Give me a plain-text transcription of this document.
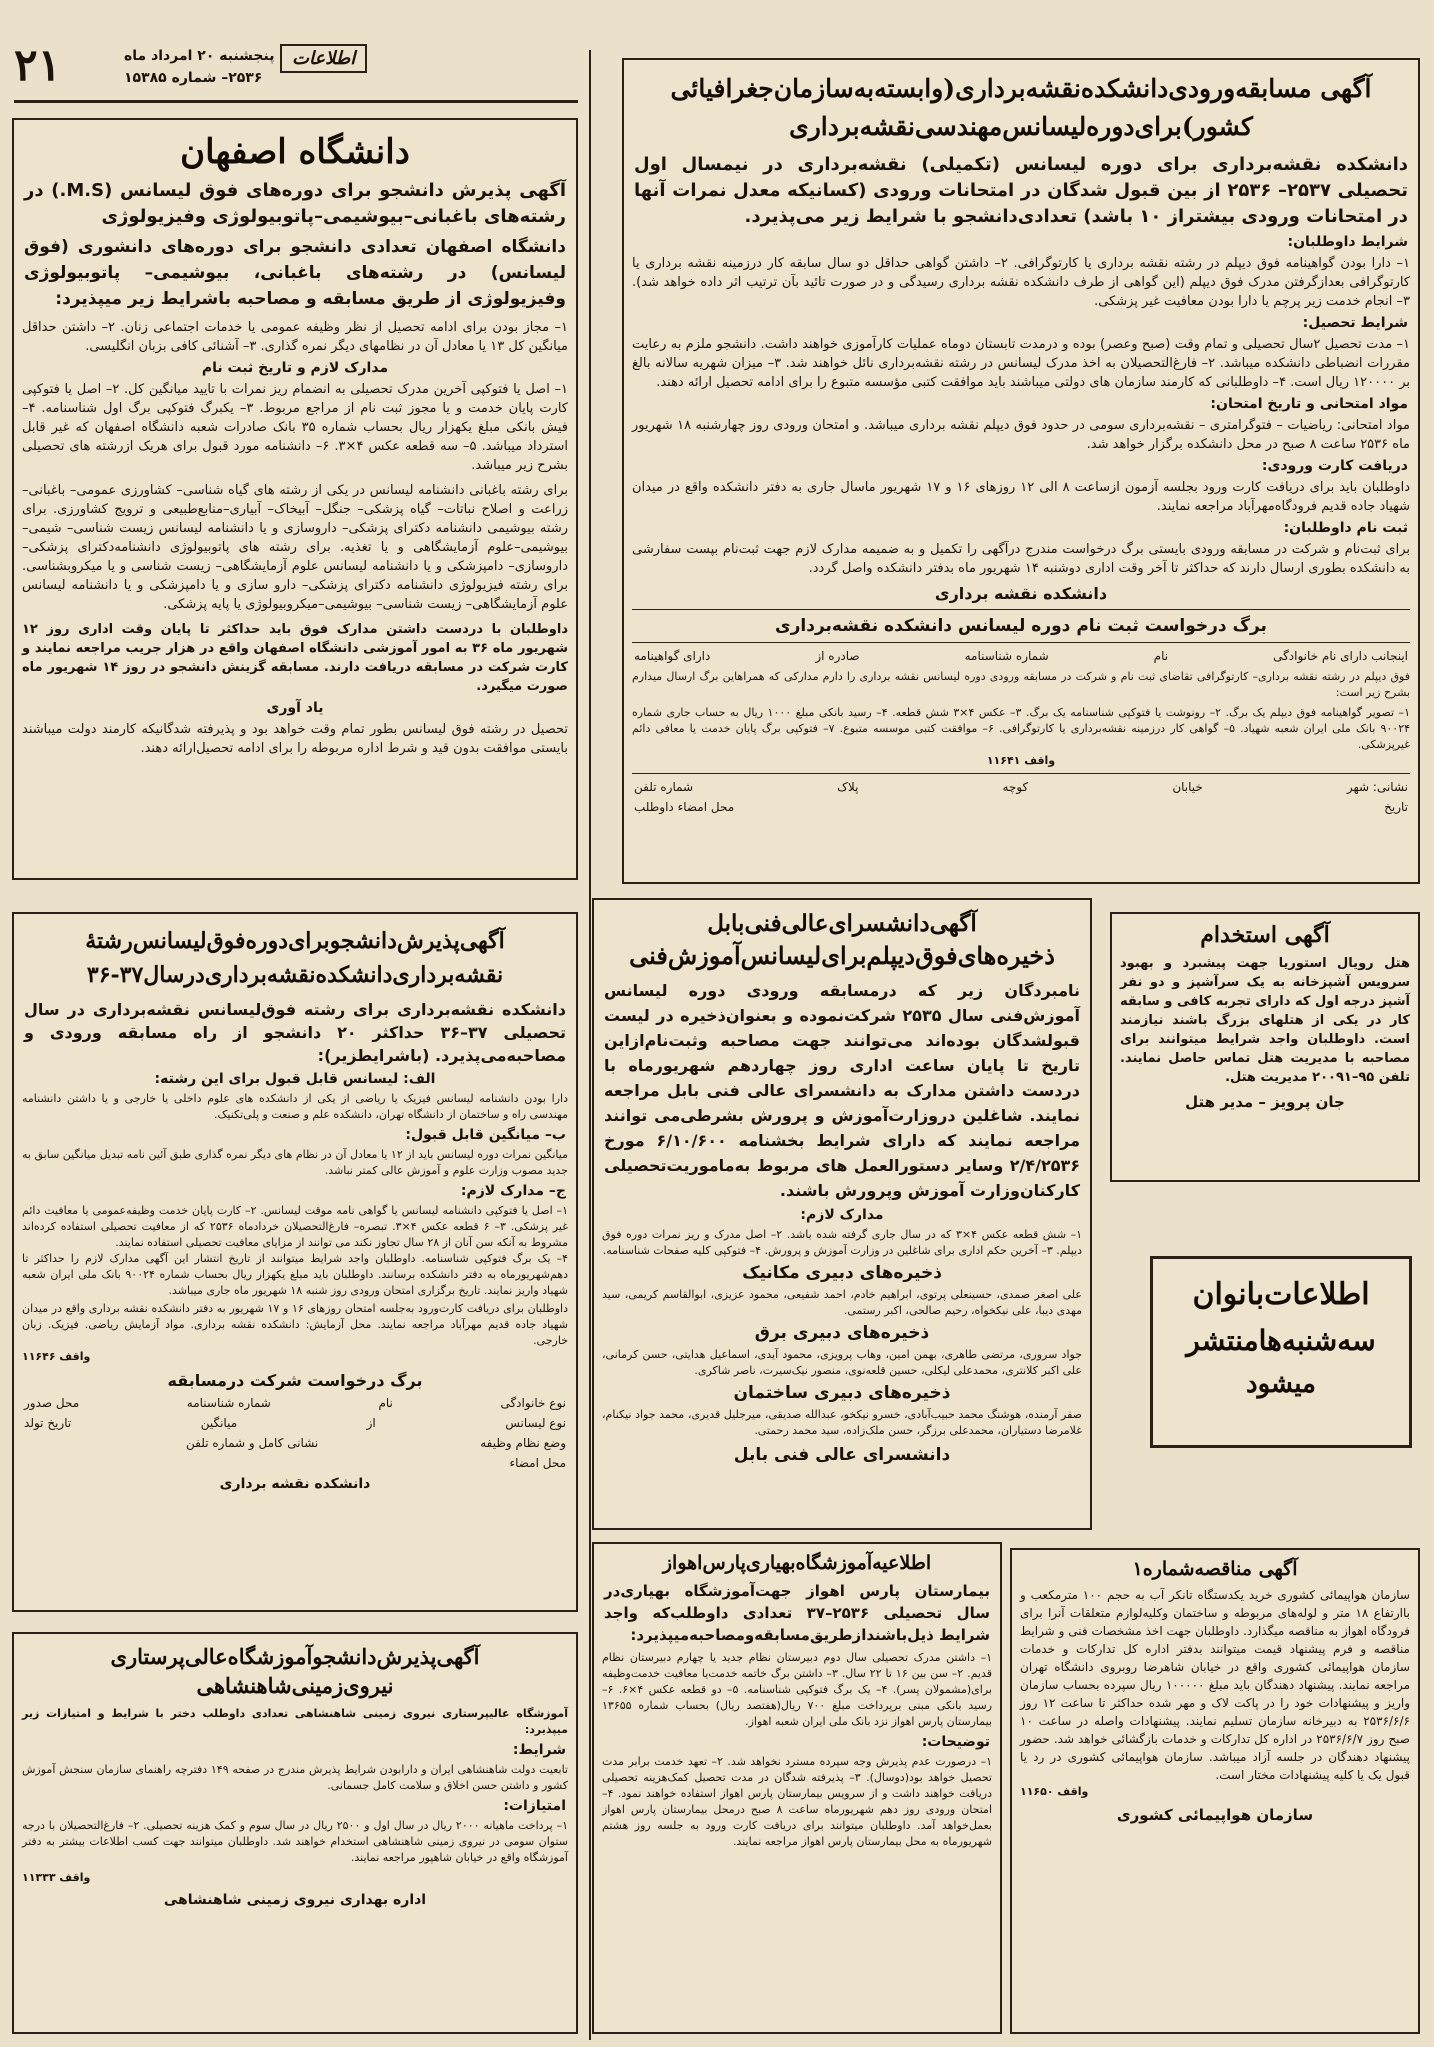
۲۱	پنجشنبه ۲۰ امرداد ماه
۲۵۳۶– شماره ۱۵۳۸۵
اطلاعات
دانشگاه اصفهان
آگهی پذیرش دانشجو برای دوره‌های فوق لیسانس (M.S.) در رشته‌های باغبانی–بیوشیمی–پاتوبیولوژی وفیزیولوژی
دانشگاه اصفهان تعدادی دانشجو برای دوره‌های دانشوری (فوق لیسانس) در رشته‌های باغبانی، بیوشیمی– پاتوبیولوژی وفیزیولوژی از طریق مسابقه و مصاحبه باشرایط زیر میپذیرد:
۱– مجاز بودن برای ادامه تحصیل از نظر وظیفه عمومی یا خدمات اجتماعی زنان. ۲– داشتن حداقل میانگین کل ۱۳ یا معادل آن در نظامهای دیگر نمره گذاری. ۳– آشنائی کافی بزبان انگلیسی.
مدارک لازم و تاریخ ثبت نام
۱– اصل یا فتوکپی آخرین مدرک تحصیلی به انضمام ریز نمرات با تایید میانگین کل. ۲– اصل یا فتوکپی کارت پایان خدمت و یا مجوز ثبت نام از مراجع مربوط. ۳– یکبرگ فتوکپی برگ اول شناسنامه. ۴– فیش بانکی مبلغ یکهزار ریال بحساب شماره ۳۵ بانک صادرات شعبه دانشگاه اصفهان که غیر قابل استرداد میباشد. ۵– سه قطعه عکس ۴×۳. ۶– دانشنامه مورد قبول برای هریک ازرشته های تحصیلی بشرح زیر میباشد.
برای رشته باغبانی دانشنامه لیسانس در یکی از رشته های گیاه شناسی– کشاورزی عمومی– باغبانی–زراعت و اصلاح نباتات– گیاه پزشکی– جنگل– آبیخاک– آبیاری–منابع‌طبیعی و ترویج کشاورزی. برای رشته بیوشیمی دانشنامه دکترای پزشکی– داروسازی و یا دانشنامه لیسانس زیست شناسی– شیمی– بیوشیمی–علوم آزمایشگاهی و یا تغذیه. برای رشته های پاتوبیولوژی دانشنامه‌دکترای پزشکی– داروسازی– دامپزشکی و یا دانشنامه لیسانس علوم آزمایشگاهی– زیست شناسی و یا میکروبشناسی. برای رشته فیزیولوژی دانشنامه دکترای پزشکی– دارو سازی و یا دامپزشکی و یا دانشنامه لیسانس علوم آزمایشگاهی– زیست شناسی– بیوشیمی–میکروبیولوژی یا پایه پزشکی.
داوطلبان با دردست داشتن مدارک فوق باید حداکثر تا پایان وقت اداری روز ۱۲ شهریور ماه ۳۶ به امور آموزشی دانشگاه اصفهان واقع در هزار جریب مراجعه نمایند و کارت شرکت در مسابقه دریافت دارند. مسابقه گزینش دانشجو در روز ۱۴ شهریور ماه صورت میگیرد.
یاد آوری
تحصیل در رشته فوق لیسانس بطور تمام وقت خواهد بود و پذیرفته شدگانیکه کارمند دولت میباشند بایستی موافقت بدون قید و شرط اداره مربوطه را برای ادامه تحصیل‌ارائه دهند.
آگهی مسابقه‌ورودی‌دانشکده‌نقشه‌برداری(وابسته‌به‌سازمان‌جغرافیائی کشور)برای‌دوره‌لیسانس‌مهندسی‌نقشه‌برداری
دانشکده نقشه‌برداری برای دوره لیسانس (تکمیلی) نقشه‌برداری در نیمسال اول تحصیلی ۲۵۳۷– ۲۵۳۶ از بین قبول شدگان در امتحانات ورودی (کسانیکه معدل نمرات آنها در امتحانات ورودی بیشتراز ۱۰ باشد) تعدادی‌دانشجو با شرایط زیر می‌پذیرد.
شرایط داوطلبان:
۱– دارا بودن گواهینامه فوق دیپلم در رشته نقشه برداری یا کارتوگرافی. ۲– داشتن گواهی حداقل دو سال سابقه کار درزمینه نقشه برداری یا کارتوگرافی بعدازگرفتن مدرک فوق دیپلم (این گواهی از طرف دانشکده نقشه برداری رسیدگی و در صورت تائید بآن ترتیب اثر داده خواهد شد). ۳– انجام خدمت زیر پرچم یا دارا بودن معافیت غیر پزشکی.
شرایط تحصیل:
۱– مدت تحصیل ۲سال تحصیلی و تمام وقت (صبح وعصر) بوده و درمدت تابستان دوماه عملیات کارآموزی خواهند داشت. دانشجو ملزم به رعایت مقررات انضباطی دانشکده میباشد. ۲– فارغ‌التحصیلان به اخذ مدرک لیسانس در رشته نقشه‌برداری نائل خواهند شد. ۳– میزان شهریه سالانه بالغ بر ۱۲۰۰۰۰ ریال است. ۴– داوطلبانی که کارمند سازمان های دولتی میباشند باید موافقت کتبی مؤسسه متبوع را برای ادامه تحصیل ارائه دهند.
مواد امتحانی و تاریخ امتحان:
مواد امتحانی: ریاضیات – فتوگرامتری – نقشه‌برداری سومی در حدود فوق دیپلم نقشه برداری میباشد. و امتحان ورودی روز چهارشنبه ۱۸ شهریور ماه ۲۵۳۶ ساعت ۸ صبح در محل دانشکده برگزار خواهد شد.
دریافت کارت ورودی:
داوطلبان باید برای دریافت کارت ورود بجلسه آزمون ازساعت ۸ الی ۱۲ روزهای ۱۶ و ۱۷ شهریور ماسال جاری به دفتر دانشکده واقع در میدان شهیاد جاده قدیم فرودگاه‌مهرآباد مراجعه نمایند.
ثبت نام داوطلبان:
برای ثبت‌نام و شرکت در مسابقه ورودی بایستی برگ درخواست مندرج درآگهی را تکمیل و به ضمیمه مدارک لازم جهت ثبت‌نام بپست سفارشی به دانشکده بطوری ارسال دارند که حداکثر تا آخر وقت اداری دوشنبه ۱۴ شهریور ماه بدفتر دانشکده واصل گردد.
دانشکده نقشه برداری
برگ درخواست ثبت نام دوره لیسانس دانشکده نقشه‌برداری
اینجانب دارای نام خانوادگی
نام
شماره شناسنامه
صادره از
دارای گواهینامه
فوق دیپلم در رشته نقشه برداری– کارتوگرافی تقاضای ثبت نام و شرکت در مسابقه ورودی دوره لیسانس نقشه برداری را دارم مدارکی که همراهاین برگ ارسال میدارم بشرح زیر است:
۱– تصویر گواهینامه فوق دیپلم یک برگ. ۲– رونوشت یا فتوکپی شناسنامه یک برگ. ۳– عکس ۴×۳ شش قطعه. ۴– رسید بانکی مبلغ ۱۰۰۰ ریال به حساب جاری شماره ۹۰۰۲۴ بانک ملی ایران شعبه شهیاد. ۵– گواهی کار درزمینه نقشه‌برداری یا کارتوگرافی. ۶– موافقت کتبی موسسه متبوع. ۷– فتوکپی برگ پایان خدمت یا معافی دائم غیرپزشکی.
واقف ۱۱۶۴۱
نشانی: شهر
خیابان
کوچه
پلاک
شماره تلفن
تاریخ
محل امضاء داوطلب
آگهی‌پذیرش‌دانشجوبرای‌دوره‌فوق‌لیسانس‌رشتهٔ نقشه‌برداری‌دانشکده‌نقشه‌برداری‌درسال۳۷-۳۶
دانشکده نقشه‌برداری برای رشته فوق‌لیسانس نقشه‌برداری در سال تحصیلی ۳۷–۳۶ حداکثر ۲۰ دانشجو از راه مسابقه ورودی و مصاحبه‌می‌پذیرد. (باشرایطزیر):
الف: لیسانس قابل قبول برای این رشته:
دارا بودن دانشنامه لیسانس فیزیک یا ریاضی از یکی از دانشکده های علوم داخلی یا خارجی و یا داشتن دانشنامه مهندسی راه و ساختمان از دانشگاه تهران، دانشکده علم و صنعت و پلی‌تکنیک.
ب– میانگین قابل قبول:
میانگین نمرات دوره لیسانس باید از ۱۲ یا معادل آن در نظام های دیگر نمره گذاری طبق آئین نامه تبدیل میانگین سابق به جدید مصوب وزارت علوم و آموزش عالی کمتر نباشد.
ج– مدارک لازم:
۱– اصل یا فتوکپی دانشنامه لیسانس یا گواهی نامه موقت لیسانس. ۲– کارت پایان خدمت وظیفه‌عمومی یا معافیت دائم غیر پزشکی. ۳– ۶ قطعه عکس ۴×۳. تبصره– فارغ‌التحصیلان خردادماه ۲۵۳۶ که از معافیت تحصیلی استفاده کرده‌اند مشروط به آنکه سن آنان از ۲۸ سال تجاوز نکند می توانند از مزایای معافیت تحصیلی استفاده نمایند.
۴– یک برگ فتوکپی شناسنامه. داوطلبان واجد شرایط میتوانند از تاریخ انتشار این آگهی مدارک لازم را حداکثر تا دهم‌شهریورماه به دفتر دانشکده برسانند. داوطلبان باید مبلغ یکهزار ریال بحساب شماره ۹۰۰۲۴ بانک ملی ایران شعبه شهیاد واریز نمایند. تاریخ برگزاری امتحان ورودی روز شنبه ۱۸ شهریور ماه جاری میباشد.
داوطلبان برای دریافت کارت‌ورود به‌جلسه امتحان روزهای ۱۶ و ۱۷ شهریور به دفتر دانشکده نقشه برداری واقع در میدان شهیاد جاده قدیم مهرآباد مراجعه نمایند. محل آزمایش: دانشکده نقشه برداری. مواد آزمایش ریاضی. فیزیک. زبان خارجی.
واقف ۱۱۶۴۶
برگ درخواست شرکت درمسابقه
نوع خانوادگی
نام
شماره شناسنامه
محل صدور
نوع لیسانس
از
میانگین
تاریخ تولد
وضع نظام وظیفه
نشانی کامل و شماره تلفن
محل امضاء
دانشکده نقشه برداری
آگهی‌دانشسرای‌عالی‌فنی‌بابل
ذخیره‌های‌فوق‌دیپلم‌برای‌لیسانس‌آموزش‌فنی
نامبردگان زیر که درمسابقه ورودی دوره لیسانس آموزش‌فنی سال ۲۵۳۵ شرکت‌نموده و بعنوان‌ذخیره در لیست قبولشدگان بوده‌اند می‌توانند جهت مصاحبه وثبت‌نام‌ازاین تاریخ تا پایان ساعت اداری روز چهاردهم شهریورماه با دردست داشتن مدارک به دانشسرای عالی فنی بابل مراجعه نمایند. شاغلین دروزارت‌آموزش و پرورش بشرطی‌می توانند مراجعه نمایند که دارای شرایط بخشنامه ۶/۱۰/۶۰۰ مورخ ۲/۴/۲۵۳۶ وسایر دستورالعمل های مربوط به‌ماموریت‌تحصیلی کارکنان‌وزارت آموزش وپرورش باشند.
مدارک لازم:
۱– شش قطعه عکس ۴×۳ که در سال جاری گرفته شده باشد. ۲– اصل مدرک و ریز نمرات دوره فوق دیپلم. ۳– آخرین حکم اداری برای شاغلین در وزارت آموزش و پرورش. ۴– فتوکپی کلیه صفحات شناسنامه.
ذخیره‌های دبیری مکانیک
علی اصغر صمدی، حسینعلی پرتوی، ابراهیم خادم، احمد شفیعی، محمود عزیزی، ابوالقاسم کریمی، سید مهدی دیبا، علی نیکخواه، رحیم صالحی، اکبر رستمی.
ذخیره‌های دبیری برق
جواد سروری، مرتضی طاهری، بهمن امین، وهاب پرویزی، محمود آیدی، اسماعیل هدایتی، حسن کرمانی، علی اکبر کلانتری، محمدعلی لیکلی، حسین قلعه‌نوی، منصور نیک‌سیرت، ناصر شاکری.
ذخیره‌های دبیری ساختمان
صفر آرمنده، هوشنگ محمد حبیب‌آبادی، خسرو نیکخو، عبدالله صدیقی، میرجلیل قدیری، محمد جواد نیکنام، غلامرضا دستیاران، محمدعلی برزگر، حسن ملک‌زاده، سید محمد رحمتی.
دانشسرای عالی فنی بابل
آگهی استخدام
هتل رویال استوریا جهت پیشبرد و بهبود سرویس آشپزخانه به یک سرآشپز و دو نفر آشپز درجه اول که دارای تجربه کافی و سابقه کار در یکی از هتلهای بزرگ باشند نیازمند است. داوطلبان واجد شرایط میتوانند برای مصاحبه با مدیریت هتل تماس حاصل نمایند. تلفن ۹۵–۲۰۰۹۱ مدیریت هتل.
جان پرویز – مدیر هتل
اطلاعات‌بانوان
سه‌شنبه‌هامنتشر
میشود
اطلاعیه‌آموزشگاه‌بهیاری‌پارس‌اهواز
بیمارستان پارس اهواز جهت‌آموزشگاه بهیاری‌در سال تحصیلی ۲۵۳۶–۳۷ تعدادی داوطلب‌که واجد شرایط ذیل‌باشند‌ازطریق‌مسابقه‌ومصاحبه‌میپذیرد:
۱– داشتن مدرک تحصیلی سال دوم دبیرستان نظام جدید یا چهارم دبیرستان نظام قدیم. ۲– سن بین ۱۶ تا ۲۲ سال. ۳– داشتن برگ خاتمه خدمت‌یا معافیت خدمت‌وظیفه برای(مشمولان پسر). ۴– یک برگ فتوکپی شناسنامه. ۵– دو قطعه عکس ۴×۶. ۶– رسید بانکی مبنی برپرداخت مبلغ ۷۰۰ ریال(هفتصد ریال) بحساب شماره ۱۳۶۵۵ بیمارستان پارس اهواز نزد بانک ملی ایران شعبه اهواز.
توضیحات:
۱– درصورت عدم پذیرش وجه سپرده مسترد نخواهد شد. ۲– تعهد خدمت برابر مدت تحصیل خواهد بود(دوسال). ۳– پذیرفته شدگان در مدت تحصیل کمک‌هزینه تحصیلی دریافت خواهند داشت و از سرویس بیمارستان پارس اهواز استفاده خواهند نمود. ۴– امتحان ورودی روز دهم شهریورماه ساعت ۸ صبح درمحل بیمارستان پارس اهواز بعمل‌خواهد آمد. داوطلبان میتوانند برای دریافت کارت ورود به جلسه روز هشتم شهریورماه به محل بیمارستان پارس اهواز مراجعه نمایند.
آگهی مناقصه‌شماره۱
سازمان هواپیمائی کشوری خرید یکدستگاه تانکر آب به حجم ۱۰۰ مترمکعب و باارتفاع ۱۸ متر و لوله‌های مربوطه و ساختمان وکلیه‌لوازم متعلقات آنرا برای فرودگاه اهواز به مناقصه میگذارد. داوطلبان جهت اخذ مشخصات فنی و شرایط مناقصه و فرم پیشنهاد قیمت میتوانند بدفتر اداره کل تدارکات و خدمات سازمان هواپیمائی کشوری واقع در خیابان شاهرضا روبروی دانشگاه تهران مراجعه نمایند. پیشنهاد دهندگان باید مبلغ ۱۰۰۰۰۰ ریال سپرده بحساب سازمان واریز و پیشنهادات خود را در پاکت لاک و مهر شده حداکثر تا ساعت ۱۲ روز ۲۵۳۶/۶/۶ به دبیرخانه سازمان تسلیم نمایند. پیشنهادات واصله در ساعت ۱۰ صبح روز ۲۵۳۶/۶/۷ در اداره کل تدارکات و خدمات بازگشائی خواهد شد. حضور پیشنهاد دهندگان در جلسه آزاد میباشد. سازمان هواپیمائی کشوری در رد یا قبول یک یا کلیه پیشنهادات مختار است.
واقف ۱۱۶۵۰
سازمان هواپیمائی کشوری
آگهی‌پذیرش‌دانشجوآموزشگاه‌عالی‌پرستاری
نیروی‌زمینی‌شاهنشاهی
آموزشگاه عالیپرستاری نیروی زمینی شاهنشاهی تعدادی داوطلب دختر با شرایط و امتیازات زیر میپذیرد:
شرایط:
تابعیت دولت شاهنشاهی ایران و دارابودن شرایط پذیرش مندرج در صفحه ۱۴۹ دفترچه راهنمای سازمان سنجش آموزش کشور و داشتن حسن اخلاق و سلامت کامل جسمانی.
امتیازات:
۱– پرداخت ماهیانه ۲۰۰۰ ریال در سال اول و ۲۵۰۰ ریال در سال سوم و کمک هزینه تحصیلی. ۲– فارغ‌التحصیلان با درجه ستوان سومی در نیروی زمینی شاهنشاهی استخدام خواهند شد. داوطلبان میتوانند جهت کسب اطلاعات بیشتر به دفتر آموزشگاه واقع در خیابان شاهپور مراجعه نمایند.
واقف ۱۱۳۳۳
اداره بهداری نیروی زمینی شاهنشاهی
